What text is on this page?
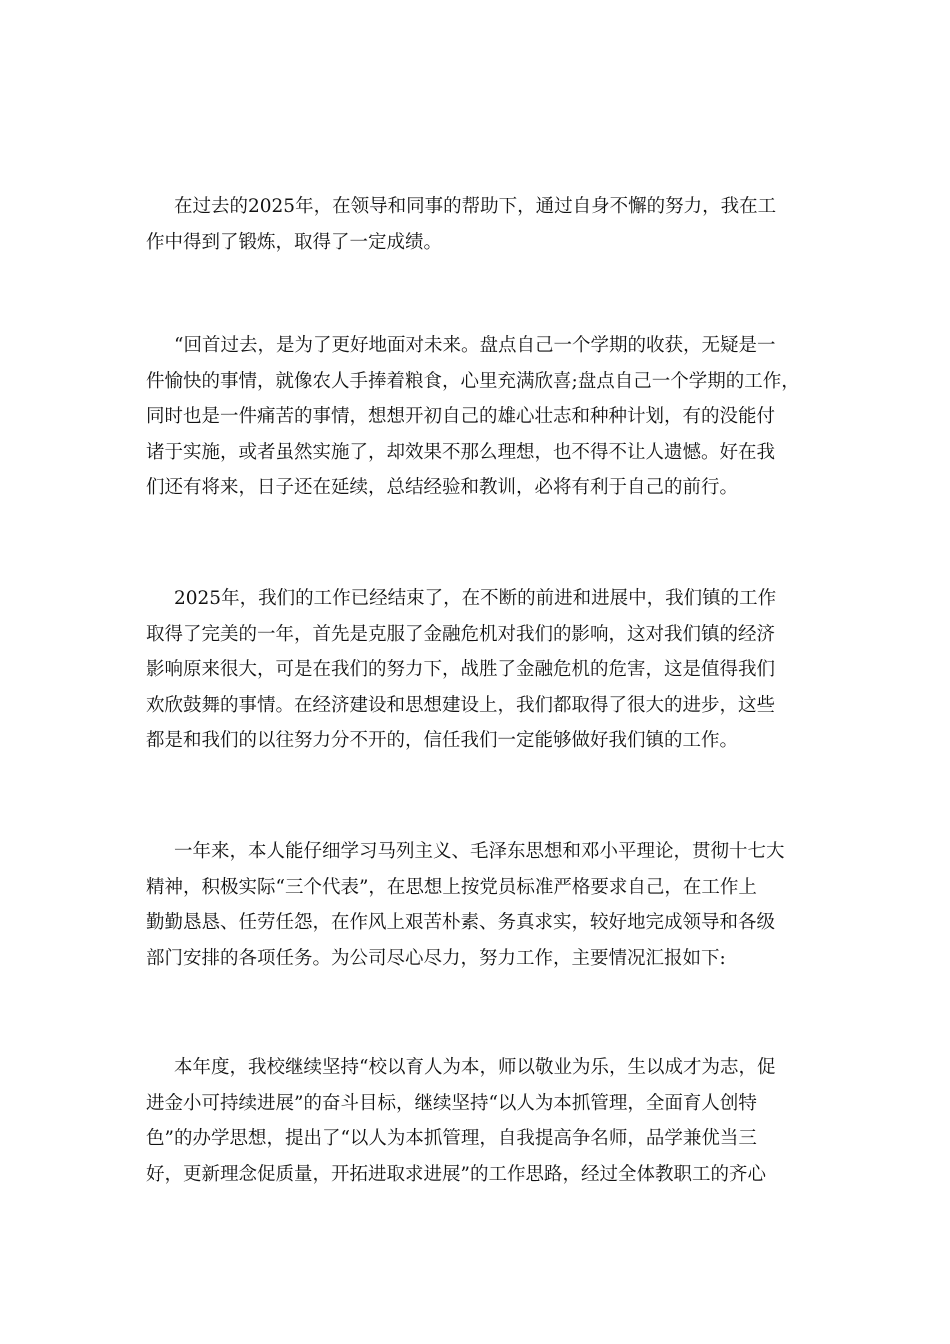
在过去的2025年，在领导和同事的帮助下，通过自身不懈的努力，我在工
作中得到了锻炼，取得了一定成绩。

“回首过去，是为了更好地面对未来。盘点自己一个学期的收获，无疑是一
件愉快的事情，就像农人手捧着粮食，心里充满欣喜;盘点自己一个学期的工作，
同时也是一件痛苦的事情，想想开初自己的雄心壮志和种种计划，有的没能付
诸于实施，或者虽然实施了，却效果不那么理想，也不得不让人遗憾。好在我
们还有将来，日子还在延续，总结经验和教训，必将有利于自己的前行。

2025年，我们的工作已经结束了，在不断的前进和进展中，我们镇的工作
取得了完美的一年，首先是克服了金融危机对我们的影响，这对我们镇的经济
影响原来很大，可是在我们的努力下，战胜了金融危机的危害，这是值得我们
欢欣鼓舞的事情。在经济建设和思想建设上，我们都取得了很大的进步，这些
都是和我们的以往努力分不开的，信任我们一定能够做好我们镇的工作。

一年来，本人能仔细学习马列主义、毛泽东思想和邓小平理论，贯彻十七大
精神，积极实际“三个代表”，在思想上按党员标准严格要求自己，在工作上
勤勤恳恳、任劳任怨，在作风上艰苦朴素、务真求实，较好地完成领导和各级
部门安排的各项任务。为公司尽心尽力，努力工作，主要情况汇报如下:

本年度，我校继续坚持“校以育人为本，师以敬业为乐，生以成才为志，促
进金小可持续进展”的奋斗目标，继续坚持“以人为本抓管理，全面育人创特
色”的办学思想，提出了“以人为本抓管理，自我提高争名师，品学兼优当三
好，更新理念促质量，开拓进取求进展”的工作思路，经过全体教职工的齐心
